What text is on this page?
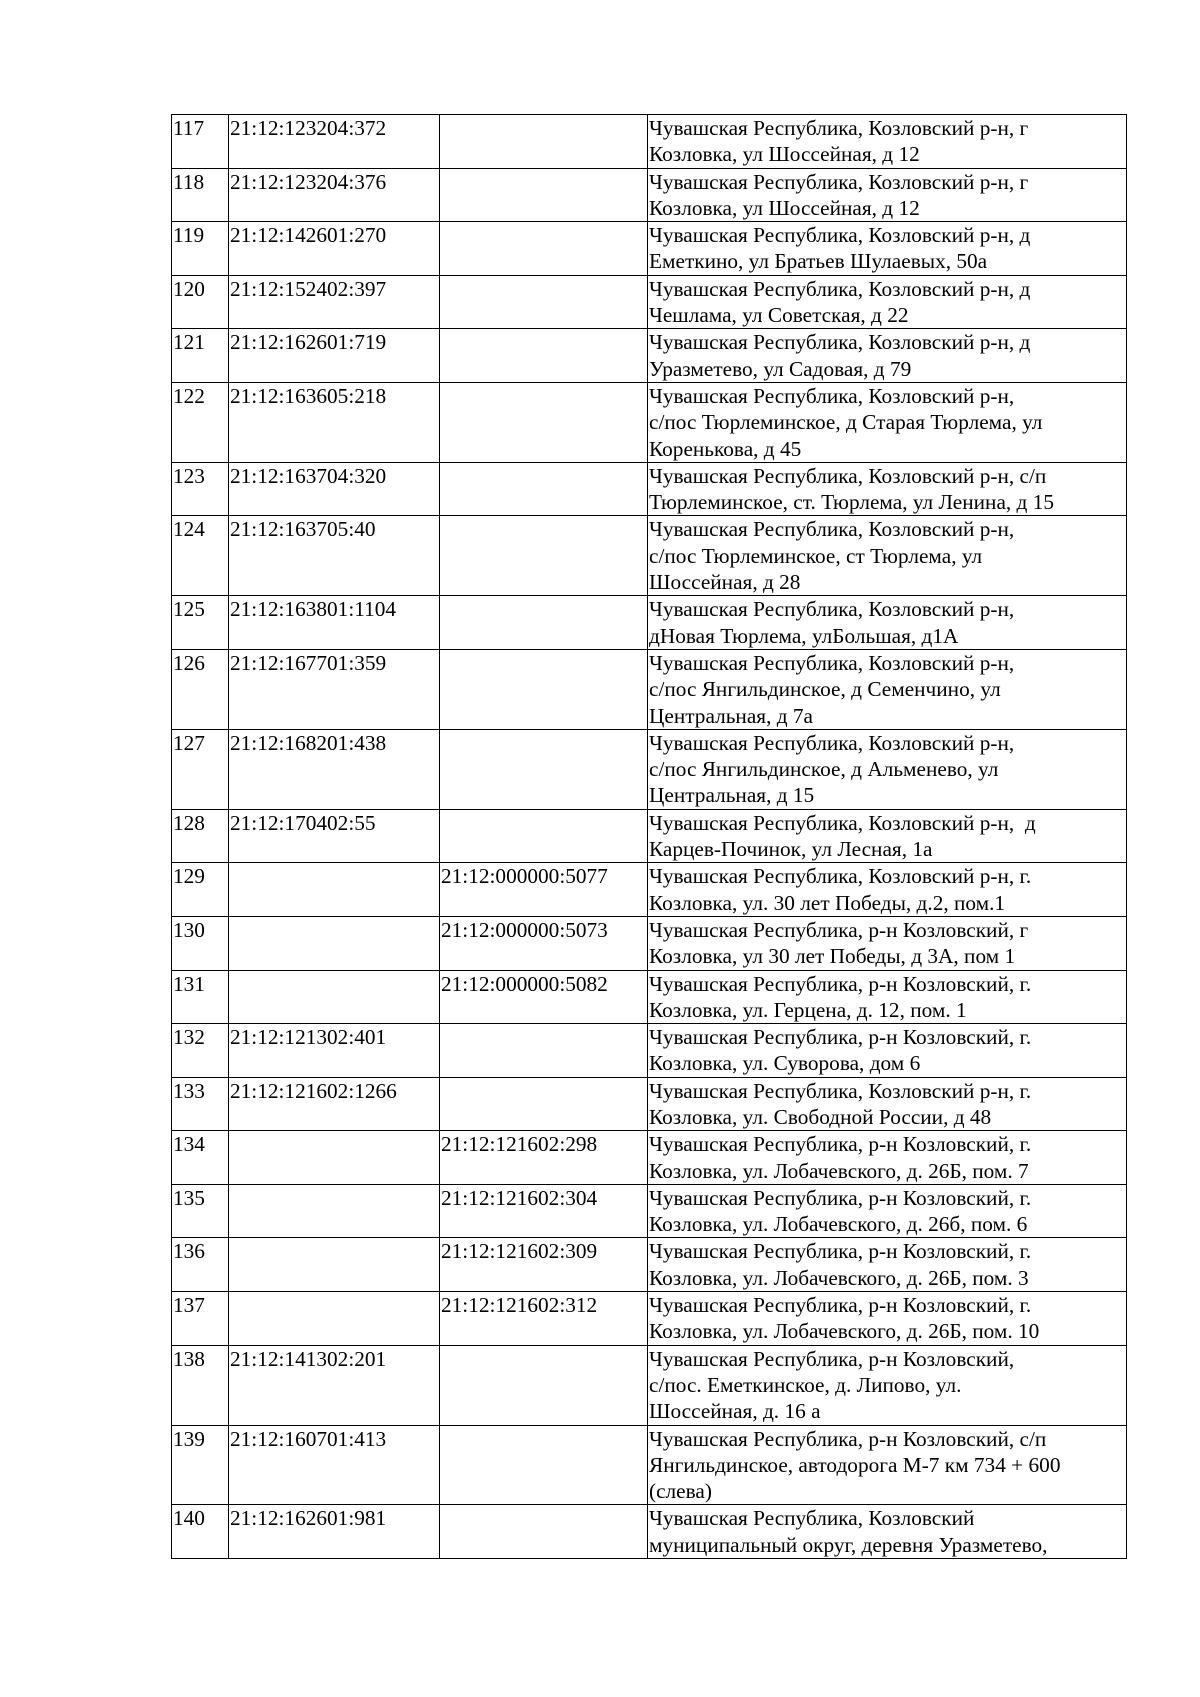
117	21:12:123204:372		Чувашская Республика, Козловский р-н, г
Козловка, ул Шоссейная, д 12

118	21:12:123204:376		Чувашская Республика, Козловский р-н, г
Козловка, ул Шоссейная, д 12

119	21:12:142601:270		Чувашская Республика, Козловский р-н, д
Еметкино, ул Братьев Шулаевых, 50а

120	21:12:152402:397		Чувашская Республика, Козловский р-н, д
Чешлама, ул Советская, д 22

121	21:12:162601:719		Чувашская Республика, Козловский р-н, д
Уразметево, ул Садовая, д 79

122	21:12:163605:218		Чувашская Республика, Козловский р-н,
с/пос Тюрлеминское, д Старая Тюрлема, ул
Коренькова, д 45

123	21:12:163704:320		Чувашская Республика, Козловский р-н, с/п
Тюрлеминское, ст. Тюрлема, ул Ленина, д 15

124	21:12:163705:40		Чувашская Республика, Козловский р-н,
с/пос Тюрлеминское, ст Тюрлема, ул
Шоссейная, д 28

125	21:12:163801:1104		Чувашская Республика, Козловский р-н,
дНовая Тюрлема, улБольшая, д1А

126	21:12:167701:359		Чувашская Республика, Козловский р-н,
с/пос Янгильдинское, д Семенчино, ул
Центральная, д 7а

127	21:12:168201:438		Чувашская Республика, Козловский р-н,
с/пос Янгильдинское, д Альменево, ул
Центральная, д 15

128	21:12:170402:55		Чувашская Республика, Козловский р-н,  д
Карцев-Починок, ул Лесная, 1а

129		21:12:000000:5077	Чувашская Республика, Козловский р-н, г.
Козловка, ул. 30 лет Победы, д.2, пом.1

130		21:12:000000:5073	Чувашская Республика, р-н Козловский, г
Козловка, ул 30 лет Победы, д 3А, пом 1

131		21:12:000000:5082	Чувашская Республика, р-н Козловский, г.
Козловка, ул. Герцена, д. 12, пом. 1

132	21:12:121302:401		Чувашская Республика, р-н Козловский, г.
Козловка, ул. Суворова, дом 6

133	21:12:121602:1266		Чувашская Республика, Козловский р-н, г.
Козловка, ул. Свободной России, д 48

134		21:12:121602:298	Чувашская Республика, р-н Козловский, г.
Козловка, ул. Лобачевского, д. 26Б, пом. 7

135		21:12:121602:304	Чувашская Республика, р-н Козловский, г.
Козловка, ул. Лобачевского, д. 26б, пом. 6

136		21:12:121602:309	Чувашская Республика, р-н Козловский, г.
Козловка, ул. Лобачевского, д. 26Б, пом. 3

137		21:12:121602:312	Чувашская Республика, р-н Козловский, г.
Козловка, ул. Лобачевского, д. 26Б, пом. 10

138	21:12:141302:201		Чувашская Республика, р-н Козловский,
с/пос. Еметкинское, д. Липово, ул.
Шоссейная, д. 16 а

139	21:12:160701:413		Чувашская Республика, р-н Козловский, с/п
Янгильдинское, автодорога М-7 км 734 + 600
(слева)

140	21:12:162601:981		Чувашская Республика, Козловский
муниципальный округ, деревня Уразметево,
